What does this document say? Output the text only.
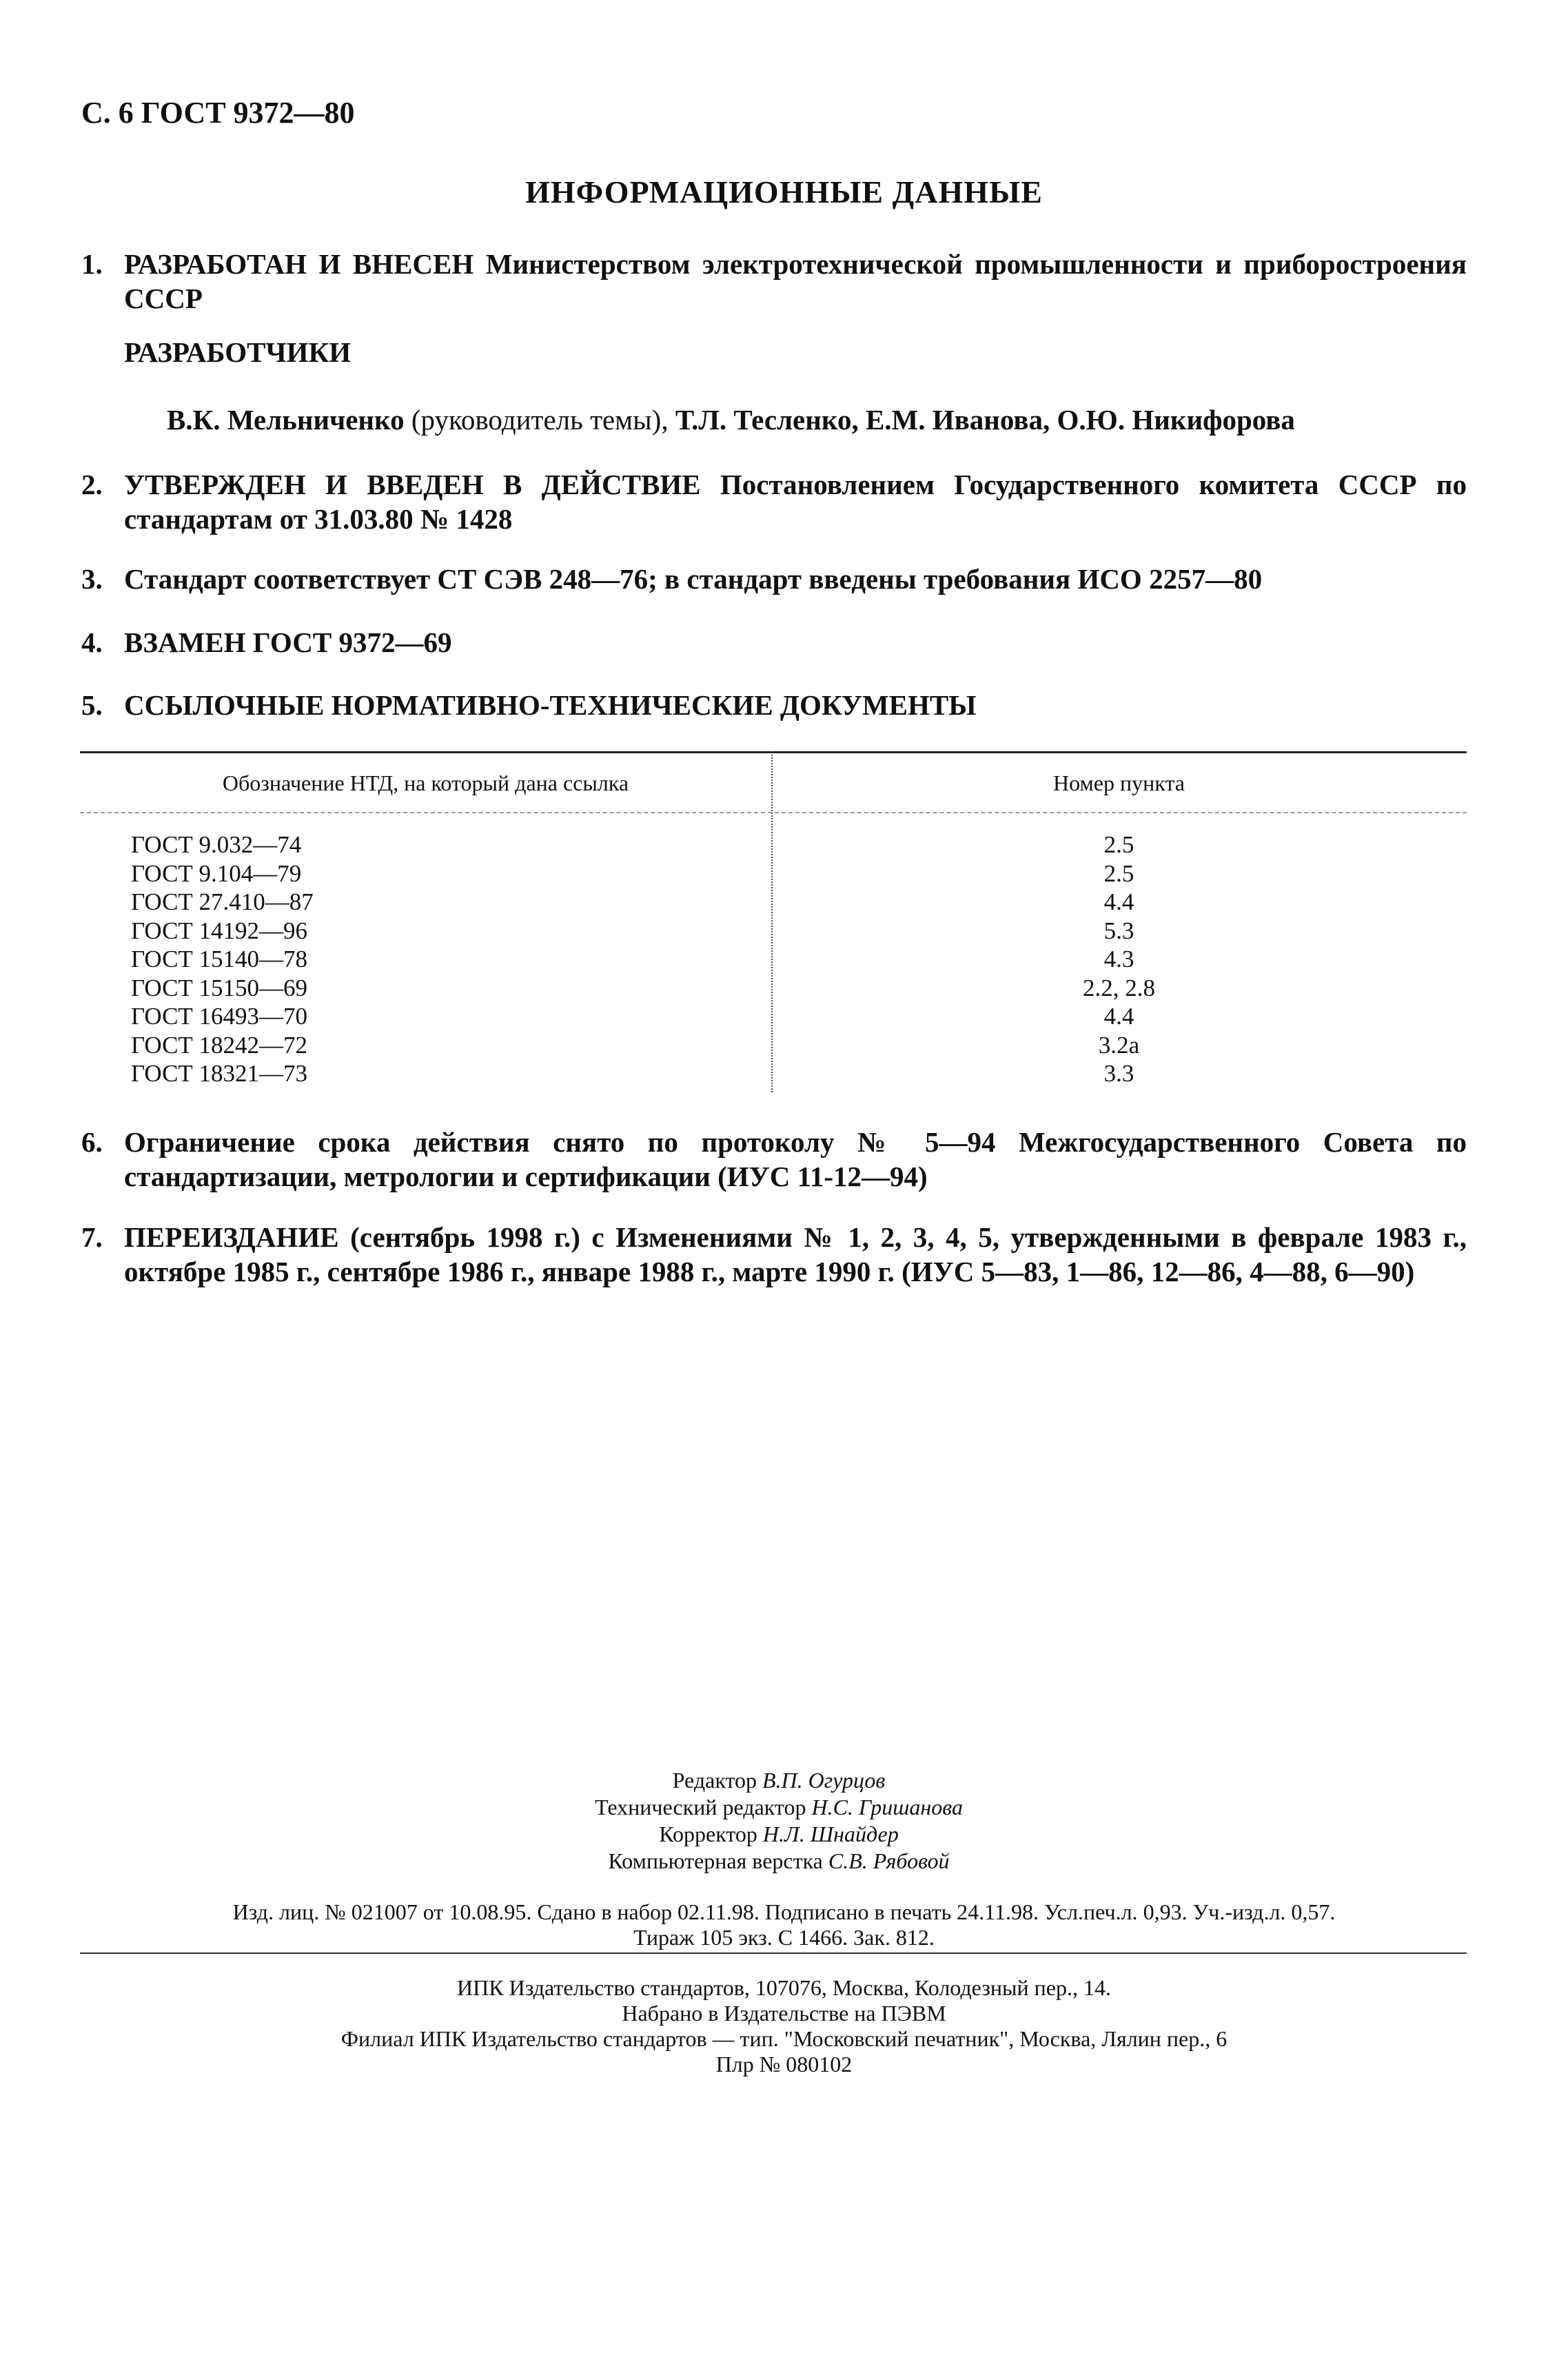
С. 6 ГОСТ 9372—80
ИНФОРМАЦИОННЫЕ ДАННЫЕ
1. РАЗРАБОТАН И ВНЕСЕН Министерством электротехнической промышленности и приборостроения СССР
РАЗРАБОТЧИКИ
В.К. Мельниченко (руководитель темы), Т.Л. Тесленко, Е.М. Иванова, О.Ю. Никифорова
2. УТВЕРЖДЕН И ВВЕДЕН В ДЕЙСТВИЕ Постановлением Государственного комитета СССР по стандартам от 31.03.80 № 1428
3. Стандарт соответствует СТ СЭВ 248—76; в стандарт введены требования ИСО 2257—80
4. ВЗАМЕН ГОСТ 9372—69
5. ССЫЛОЧНЫЕ НОРМАТИВНО-ТЕХНИЧЕСКИЕ ДОКУМЕНТЫ
Обозначение НТД, на который дана ссылка	Номер пункта
ГОСТ 9.032—74	2.5
ГОСТ 9.104—79	2.5
ГОСТ 27.410—87	4.4
ГОСТ 14192—96	5.3
ГОСТ 15140—78	4.3
ГОСТ 15150—69	2.2, 2.8
ГОСТ 16493—70	4.4
ГОСТ 18242—72	3.2а
ГОСТ 18321—73	3.3
6. Ограничение срока действия снято по протоколу № 5—94 Межгосударственного Совета по стандартизации, метрологии и сертификации (ИУС 11-12—94)
7. ПЕРЕИЗДАНИЕ (сентябрь 1998 г.) с Изменениями № 1, 2, 3, 4, 5, утвержденными в феврале 1983 г., октябре 1985 г., сентябре 1986 г., январе 1988 г., марте 1990 г. (ИУС 5—83, 1—86, 12—86, 4—88, 6—90)
Редактор В.П. Огурцов
Технический редактор Н.С. Гришанова
Корректор Н.Л. Шнайдер
Компьютерная верстка С.В. Рябовой
Изд. лиц. № 021007 от 10.08.95. Сдано в набор 02.11.98. Подписано в печать 24.11.98. Усл.печ.л. 0,93. Уч.-изд.л. 0,57.
Тираж 105 экз. С 1466. Зак. 812.
ИПК Издательство стандартов, 107076, Москва, Колодезный пер., 14.
Набрано в Издательстве на ПЭВМ
Филиал ИПК Издательство стандартов — тип. "Московский печатник", Москва, Лялин пер., 6
Плр № 080102
